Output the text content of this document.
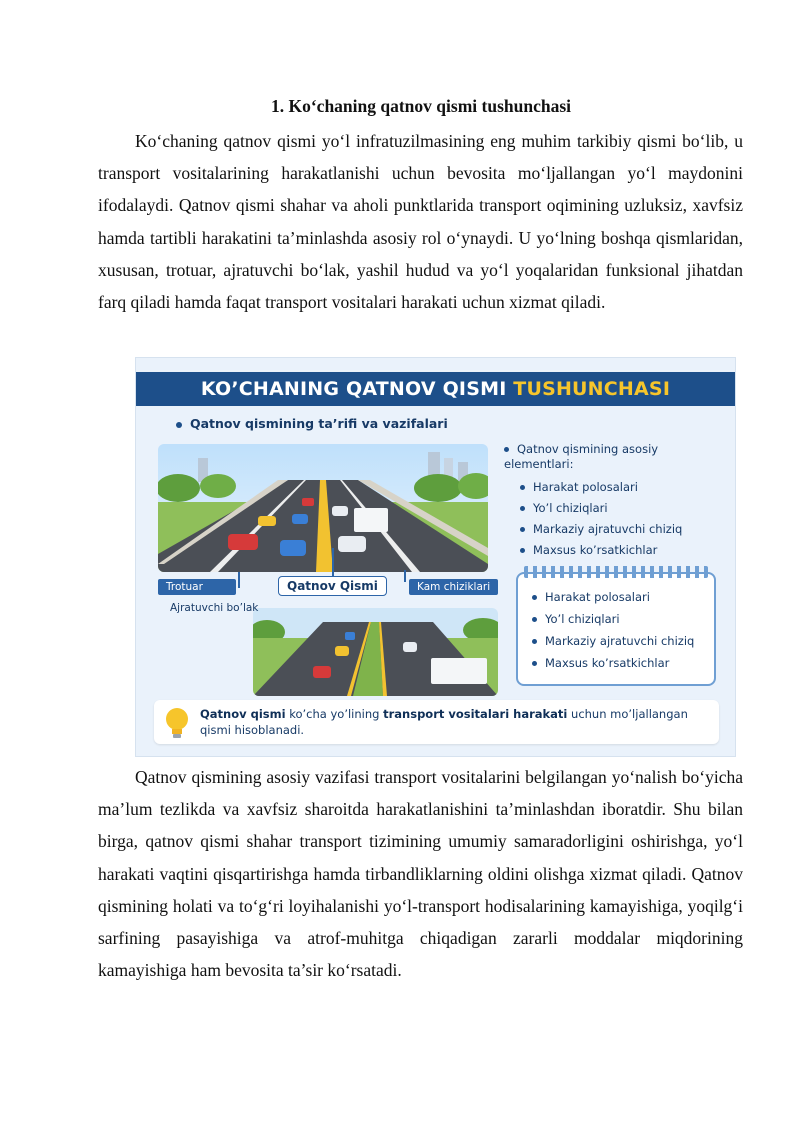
1. Ko‘chaning qatnov qismi tushunchasi

Ko‘chaning qatnov qismi yo‘l infratuzilmasining eng muhim tarkibiy qismi bo‘lib, u transport vositalarining harakatlanishi uchun bevosita mo‘ljallangan yo‘l maydonini ifodalaydi. Qatnov qismi shahar va aholi punktlarida transport oqimining uzluksiz, xavfsiz hamda tartibli harakatini ta’minlashda asosiy rol o‘ynaydi. U yo‘lning boshqa qismlaridan, xususan, trotuar, ajratuvchi bo‘lak, yashil hudud va yo‘l yoqalaridan funksional jihatdan farq qiladi hamda faqat transport vositalari harakati uchun xizmat qiladi.

KO’CHANING QATNOV QISMI TUSHUNCHASI
Qatnov qismining ta’rifi va vazifalari
Trotuar	Qatnov Qismi	Kam chiziklari
Ajratuvchi bo’lak
Qatnov qismining asosiy elementlari:
Harakat polosalari
Yo’l chiziqlari
Markaziy ajratuvchi chiziq
Maxsus ko’rsatkichlar
Harakat polosalari
Yo’l chiziqlari
Markaziy ajratuvchi chiziq
Maxsus ko’rsatkichlar
Qatnov qismi ko’cha yo’lining transport vositalari harakati uchun mo’ljallangan qismi hisoblanadi.

Qatnov qismining asosiy vazifasi transport vositalarini belgilangan yo‘nalish bo‘yicha ma’lum tezlikda va xavfsiz sharoitda harakatlanishini ta’minlashdan iboratdir. Shu bilan birga, qatnov qismi shahar transport tizimining umumiy samaradorligini oshirishga, yo‘l harakati vaqtini qisqartirishga hamda tirbandliklarning oldini olishga xizmat qiladi. Qatnov qismining holati va to‘g‘ri loyihalanishi yo‘l-transport hodisalarining kamayishiga, yoqilg‘i sarfining pasayishiga va atrof-muhitga chiqadigan zararli moddalar miqdorining kamayishiga ham bevosita ta’sir ko‘rsatadi.
